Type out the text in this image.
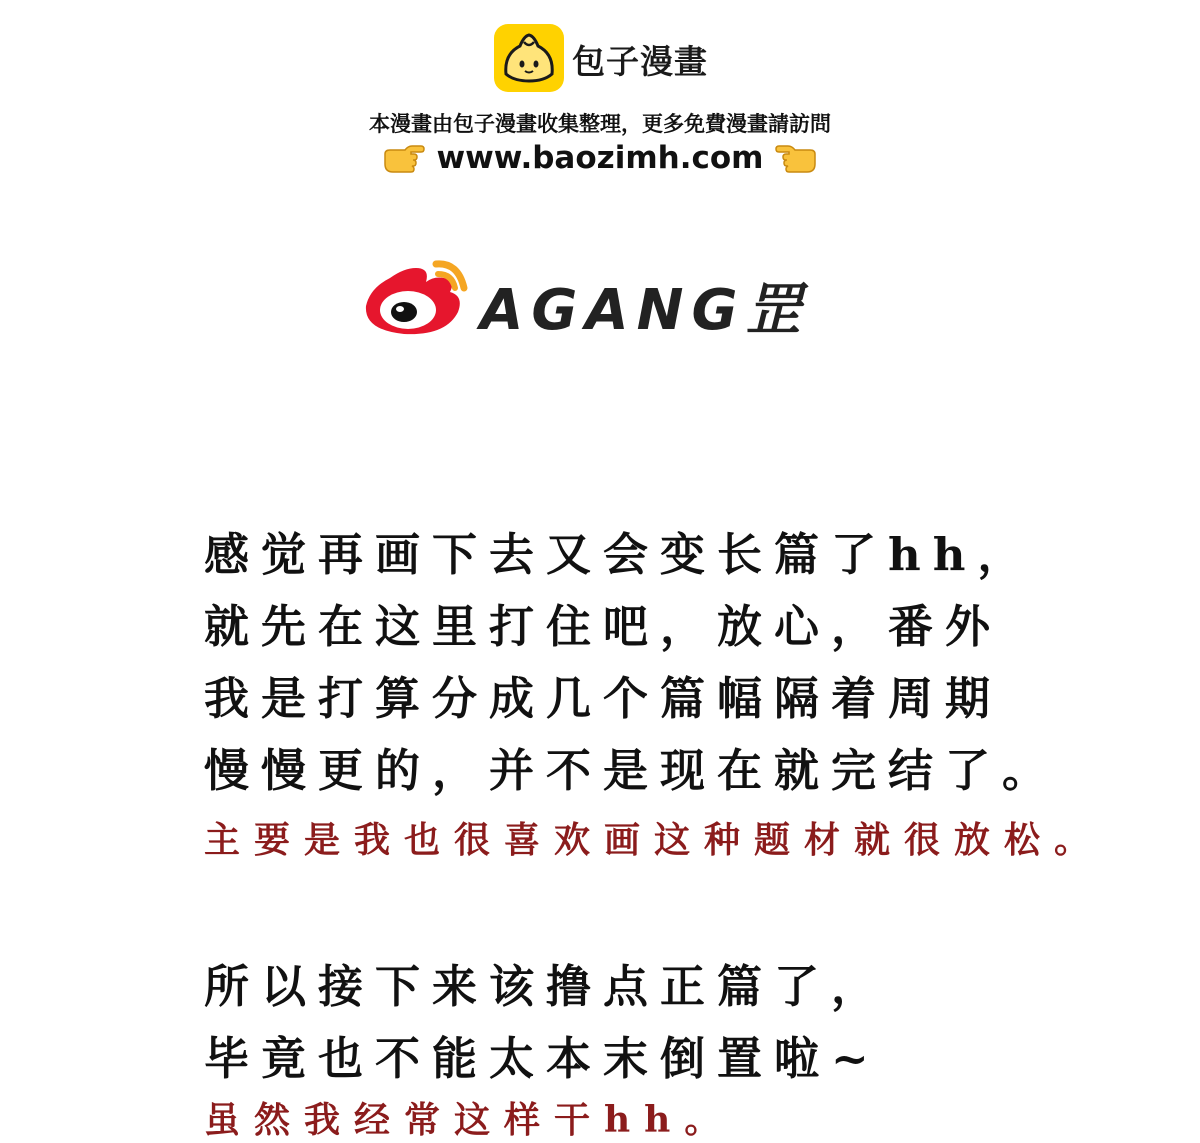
包子漫畫
本漫畫由包子漫畫收集整理，更多免費漫畫請訪問
www.baozimh.com
AGANG罡

感觉再画下去又会变长篇了hh，

就先在这里打住吧，放心，番外

我是打算分成几个篇幅隔着周期

慢慢更的，并不是现在就完结了。

主要是我也很喜欢画这种题材就很放松。

所以接下来该撸点正篇了，

毕竟也不能太本末倒置啦~

虽然我经常这样干hh。
